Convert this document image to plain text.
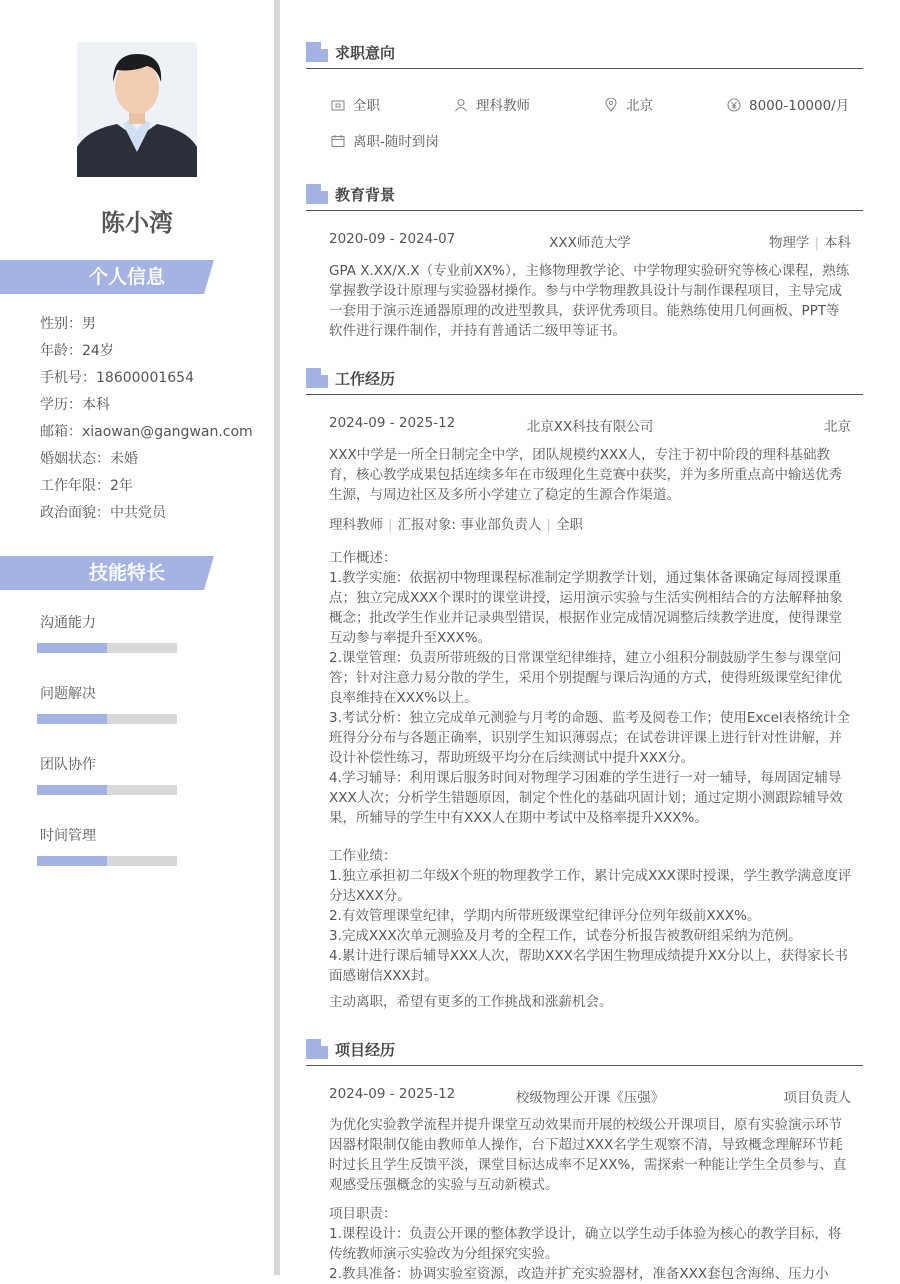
陈小湾
个人信息
性别：男
年龄：24岁
手机号：18600001654
学历：本科
邮箱：xiaowan@gangwan.com
婚姻状态：未婚
工作年限：2年
政治面貌：中共党员
技能特长
沟通能力
问题解决
团队协作
时间管理
求职意向
全职	理科教师	北京	8000-10000/月
离职-随时到岗
教育背景
2020-09 - 2024-07	XXX师范大学	物理学 | 本科
GPA X.XX/X.X（专业前XX%），主修物理教学论、中学物理实验研究等核心课程，熟练掌握教学设计原理与实验器材操作。参与中学物理教具设计与制作课程项目，主导完成一套用于演示连通器原理的改进型教具，获评优秀项目。能熟练使用几何画板、PPT等软件进行课件制作，并持有普通话二级甲等证书。
工作经历
2024-09 - 2025-12	北京XX科技有限公司	北京
XXX中学是一所全日制完全中学，团队规模约XXX人，专注于初中阶段的理科基础教育，核心教学成果包括连续多年在市级理化生竞赛中获奖，并为多所重点高中输送优秀生源，与周边社区及多所小学建立了稳定的生源合作渠道。
理科教师 | 汇报对象: 事业部负责人 | 全职

工作概述：

1.教学实施：依据初中物理课程标准制定学期教学计划，通过集体备课确定每周授课重点；独立完成XXX个课时的课堂讲授，运用演示实验与生活实例相结合的方法解释抽象概念；批改学生作业并记录典型错误，根据作业完成情况调整后续教学进度，使得课堂互动参与率提升至XXX%。

2.课堂管理：负责所带班级的日常课堂纪律维持，建立小组积分制鼓励学生参与课堂问答；针对注意力易分散的学生，采用个别提醒与课后沟通的方式，使得班级课堂纪律优良率维持在XXX%以上。

3.考试分析：独立完成单元测验与月考的命题、监考及阅卷工作；使用Excel表格统计全班得分分布与各题正确率，识别学生知识薄弱点；在试卷讲评课上进行针对性讲解，并设计补偿性练习，帮助班级平均分在后续测试中提升XXX分。

4.学习辅导：利用课后服务时间对物理学习困难的学生进行一对一辅导，每周固定辅导XXX人次；分析学生错题原因，制定个性化的基础巩固计划；通过定期小测跟踪辅导效果，所辅导的学生中有XXX人在期中考试中及格率提升XXX%。

工作业绩：

1.独立承担初二年级X个班的物理教学工作，累计完成XXX课时授课，学生教学满意度评分达XXX分。

2.有效管理课堂纪律，学期内所带班级课堂纪律评分位列年级前XXX%。

3.完成XXX次单元测验及月考的全程工作，试卷分析报告被教研组采纳为范例。

4.累计进行课后辅导XXX人次，帮助XXX名学困生物理成绩提升XX分以上，获得家长书面感谢信XXX封。

主动离职，希望有更多的工作挑战和涨薪机会。
项目经历
2024-09 - 2025-12	校级物理公开课《压强》	项目负责人
为优化实验教学流程并提升课堂互动效果而开展的校级公开课项目，原有实验演示环节因器材限制仅能由教师单人操作，台下超过XXX名学生观察不清，导致概念理解环节耗时过长且学生反馈平淡，课堂目标达成率不足XX%，需探索一种能让学生全员参与、直观感受压强概念的实验与互动新模式。

项目职责：

1.课程设计：负责公开课的整体教学设计，确立以学生动手体验为核心的教学目标，将传统教师演示实验改为分组探究实验。

2.教具准备：协调实验室资源，改造并扩充实验器材，准备XXX套包含海绵、压力小
